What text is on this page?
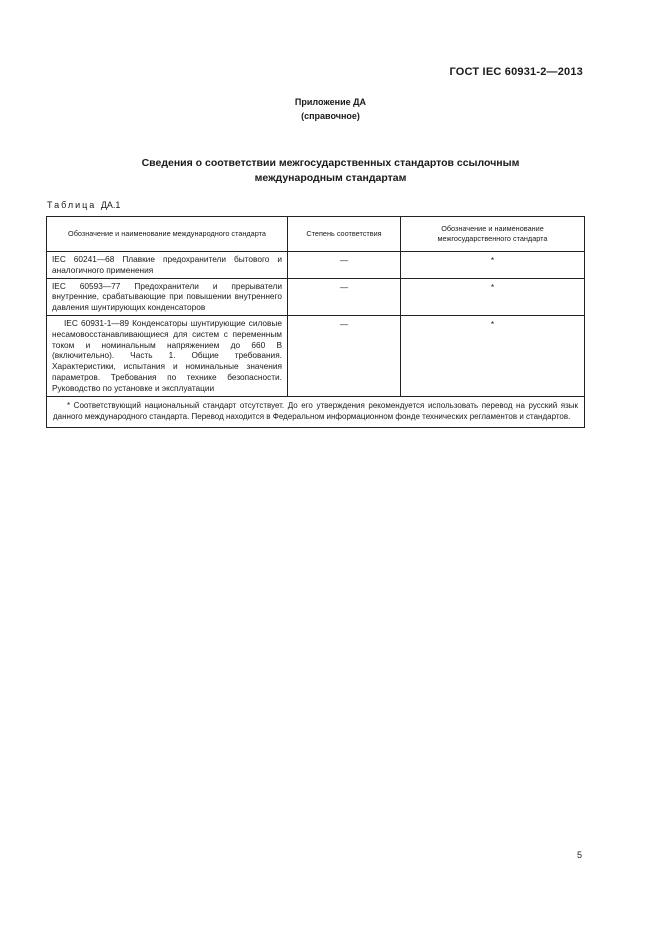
ГОСТ IEC 60931-2—2013
Приложение ДА
(справочное)
Сведения о соответствии межгосударственных стандартов ссылочным
международным стандартам
Таблица ДА.1
Обозначение и наименование международного стандарта	Степень соответствия	Обозначение и наименование межгосударственного стандарта
IEC 60241—68 Плавкие предохранители бытового и аналогичного применения	—	*
IEC 60593—77 Предохранители и прерыватели внутренние, срабатывающие при повышении внутреннего давления шунтирующих конденсаторов	—	*

IEC 60931-1—89 Конденсаторы шунтирующие силовые несамовосстанавливающиеся для систем с переменным током и номинальным напряжением до 660 В (включительно). Часть 1. Общие требования. Характеристики, испытания и номинальные значения параметров. Требования по технике безопасности. Руководство по установке и эксплуатации	—	*
* Соответствующий национальный стандарт отсутствует. До его утверждения рекомендуется использовать перевод на русский язык данного международного стандарта. Перевод находится в Федеральном информационном фонде технических регламентов и стандартов.		
5
